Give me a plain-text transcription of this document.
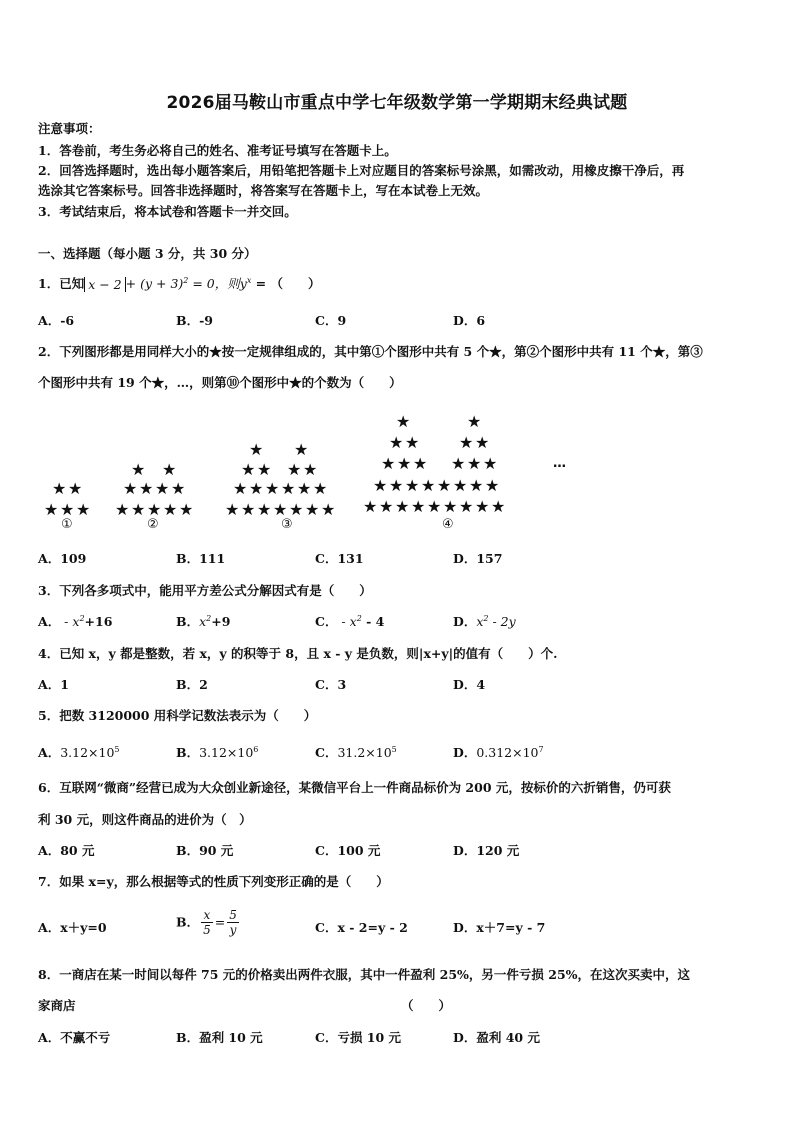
2026届马鞍山市重点中学七年级数学第一学期期末经典试题
注意事项：
1．答卷前，考生务必将自己的姓名、准考证号填写在答题卡上。
2．回答选择题时，选出每小题答案后，用铅笔把答题卡上对应题目的答案标号涂黑，如需改动，用橡皮擦干净后，再
选涂其它答案标号。回答非选择题时，将答案写在答题卡上，写在本试卷上无效。
3．考试结束后，将本试卷和答题卡一并交回。
一、选择题（每小题 3 分，共 30 分）
1．已知 $x - 2 + (y + 3)^2 = 0$，则$y^x$ = （　　）
A．-6	B．-9	C．9	D．6
2．下列图形都是用同样大小的★按一定规律组成的，其中第①个图形中共有 5 个★，第②个图形中共有 11 个★，第③
个图形中共有 19 个★，…，则第⑩个图形中★的个数为（　　）
★ ★
★ ★ ★
★ ★
★ ★ ★ ★
★ ★ ★ ★ ★
★ ★
★ ★ ★ ★
★ ★ ★ ★ ★ ★
★ ★ ★ ★ ★ ★ ★
★	★
★ ★ ★ ★
★ ★ ★ ★ ★ ★
★ ★ ★ ★ ★ ★ ★ ★
★ ★ ★ ★ ★ ★ ★ ★ ★
①	②	③	④
…
A．109	B．111	C．131	D．157
3．下列各多项式中，能用平方差公式分解因式有是（　　）
A． - $x^2+16$	B．$x^2+9$	C． - $x^2 - 4$	D．$x^2 - 2y$
4．已知 x，y 都是整数，若 x，y 的积等于 8，且 x - y 是负数，则|x+y|的值有（　　）个.
A．1	B．2	C．3	D．4
5．把数 3120000 用科学记数法表示为（　　）
A．$3.12\times 10^5$	B．$3.12\times 10^6$	C．$31.2\times 10^5$	D．$0.312\times 10^7$
6．互联网“微商”经营已成为大众创业新途径，某微信平台上一件商品标价为 200 元，按标价的六折销售，仍可获
利 30 元，则这件商品的进价为（　）
A．80 元	B．90 元	C．100 元	D．120 元
7．如果 x=y，那么根据等式的性质下列变形正确的是（　　）
A．x＋y=0	B． $\frac{x}{5} = \frac{5}{y}$	C．x - 2=y - 2	D．x＋7=y - 7
8．一商店在某一时间以每件 75 元的价格卖出两件衣服，其中一件盈利 25%，另一件亏损 25%，在这次买卖中，这
家商店	（　　）
A．不赢不亏	B．盈利 10 元	C．亏损 10 元	D．盈利 40 元
